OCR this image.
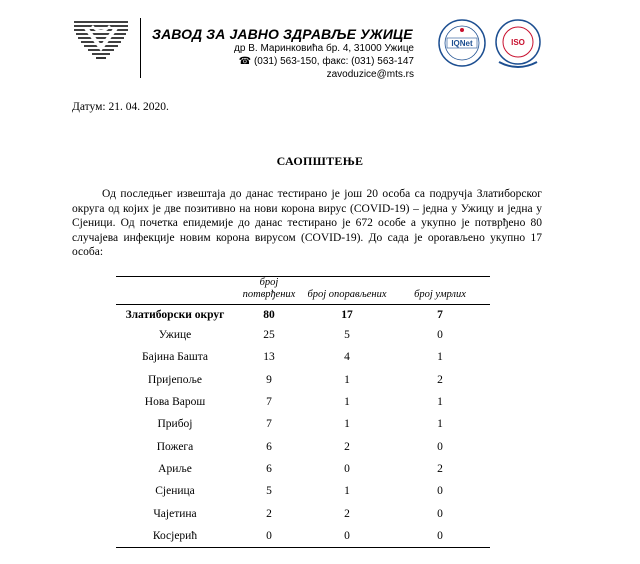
ЗАВОД ЗА ЈАВНО ЗДРАВЉЕ УЖИЦЕ
др В. Маринковића бр. 4, 31000 Ужице
☎ (031) 563-150, факс: (031) 563-147
zavoduzice@mts.rs
IQNet	ISO
Датум: 21. 04. 2020.
САОПШТЕЊЕ
Од последњег извештаја до данас тестирано је још 20 особа са подручја Златиборског округа од којих је две позитивно на нови корона вирус (COVID-19) – једна у Ужицу и једна у Сјеници. Од почетка епидемије до данас тестирано је 672 особе а укупно је потврђено 80 случајева инфекције новим корона вирусом (COVID-19). До сада је оporављено укупно 17 особа:
	број потврђених	број опорављених	број умрлих
Златиборски округ	80	17	7
Ужице	25	5	0
Бајина Башта	13	4	1
Пријепоље	9	1	2
Нова Варош	7	1	1
Прибој	7	1	1
Пожега	6	2	0
Ариље	6	0	2
Сјеница	5	1	0
Чајетина	2	2	0
Косјерић	0	0	0
